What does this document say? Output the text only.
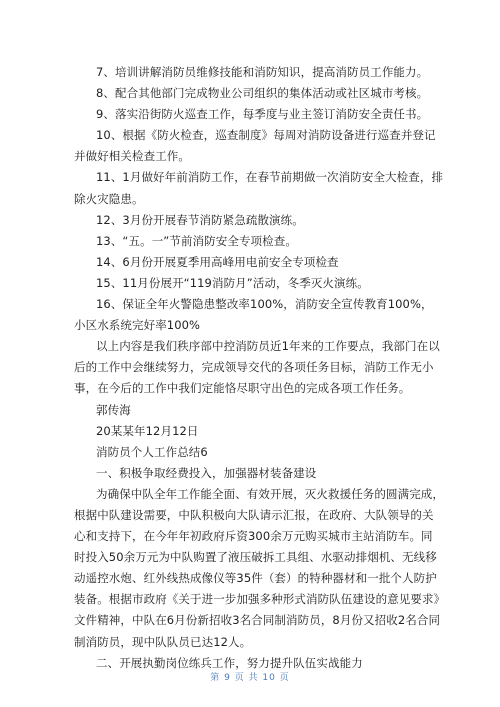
7、培训讲解消防员维修技能和消防知识，提高消防员工作能力。

8、配合其他部门完成物业公司组织的集体活动或社区城市考核。

9、落实沿街防火巡查工作，每季度与业主签订消防安全责任书。

10、根据《防火检查，巡查制度》每周对消防设备进行巡查并登记并做好相关检查工作。

11、1月做好年前消防工作，在春节前期做一次消防安全大检查，排除火灾隐患。

12、3月份开展春节消防紧急疏散演练。

13、“五。一”节前消防安全专项检查。

14、6月份开展夏季用高峰用电前安全专项检查

15、11月份展开“119消防月”活动，冬季灭火演练。

16、保证全年火警隐患整改率100%，消防安全宣传教育100%，小区水系统完好率100%

以上内容是我们秩序部中控消防员近1年来的工作要点，我部门在以后的工作中会继续努力，完成领导交代的各项任务目标，消防工作无小事，在今后的工作中我们定能恪尽职守出色的完成各项工作任务。

郭传海

20某某年12月12日

消防员个人工作总结6

一、积极争取经费投入，加强器材装备建设

为确保中队全年工作能全面、有效开展，灭火救援任务的圆满完成，根据中队建设需要，中队积极向大队请示汇报，在政府、大队领导的关心和支持下，在今年年初政府斥资300余万元购买城市主站消防车。同时投入50余万元为中队购置了液压破拆工具组、水驱动排烟机、无线移动遥控水炮、红外线热成像仪等35件（套）的特种器材和一批个人防护装备。根据市政府《关于进一步加强多种形式消防队伍建设的意见要求》文件精神，中队在6月份新招收3名合同制消防员，8月份又招收2名合同制消防员，现中队队员已达12人。

二、开展执勤岗位练兵工作，努力提升队伍实战能力

第 9 页 共 10 页
